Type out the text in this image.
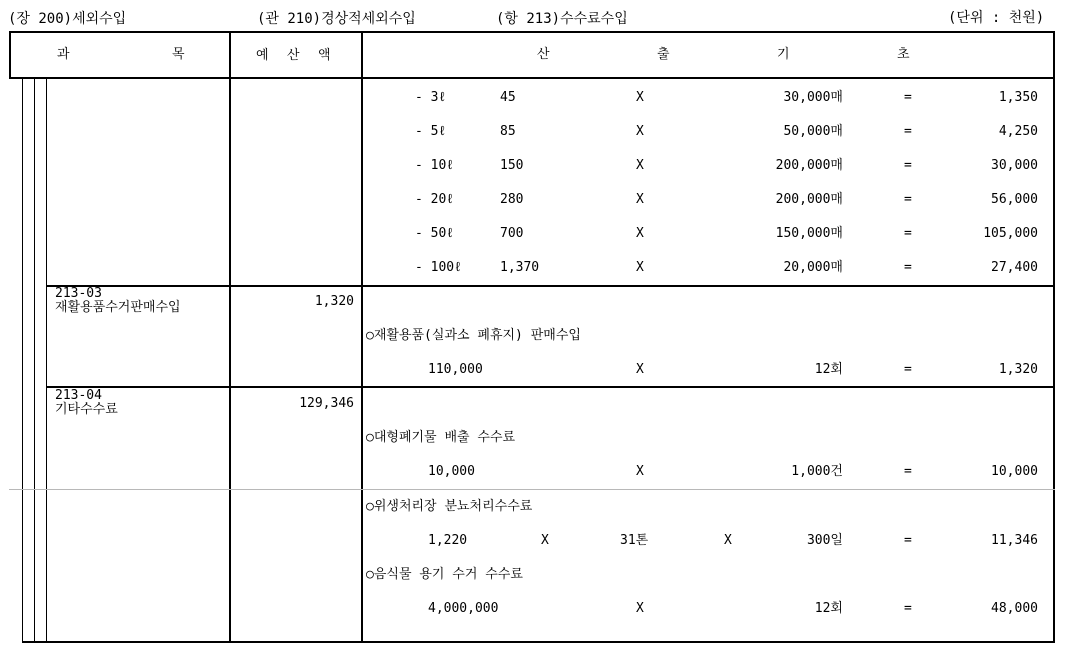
(장 200)세외수입	(관 210)경상적세외수입	(항 213)수수료수입	(단위 : 천원)
과	목	예 산 액	산	출	기	초
- 3ℓ	45	X	30,000매	=	1,350
- 5ℓ	85	X	50,000매	=	4,250
- 10ℓ	150	X	200,000매	=	30,000
- 20ℓ	280	X	200,000매	=	56,000
- 50ℓ	700	X	150,000매	=	105,000
- 100ℓ	1,370	X	20,000매	=	27,400
213-03
재활용품수거판매수입	1,320
○재활용품(실과소 폐휴지) 판매수입
110,000	X	12회	=	1,320
213-04
기타수수료	129,346
○대형폐기물 배출 수수료
10,000	X	1,000건	=	10,000
○위생처리장 분뇨처리수수료
1,220	X	31톤	X	300일	=	11,346
○음식물 용기 수거 수수료
4,000,000	X	12회	=	48,000
